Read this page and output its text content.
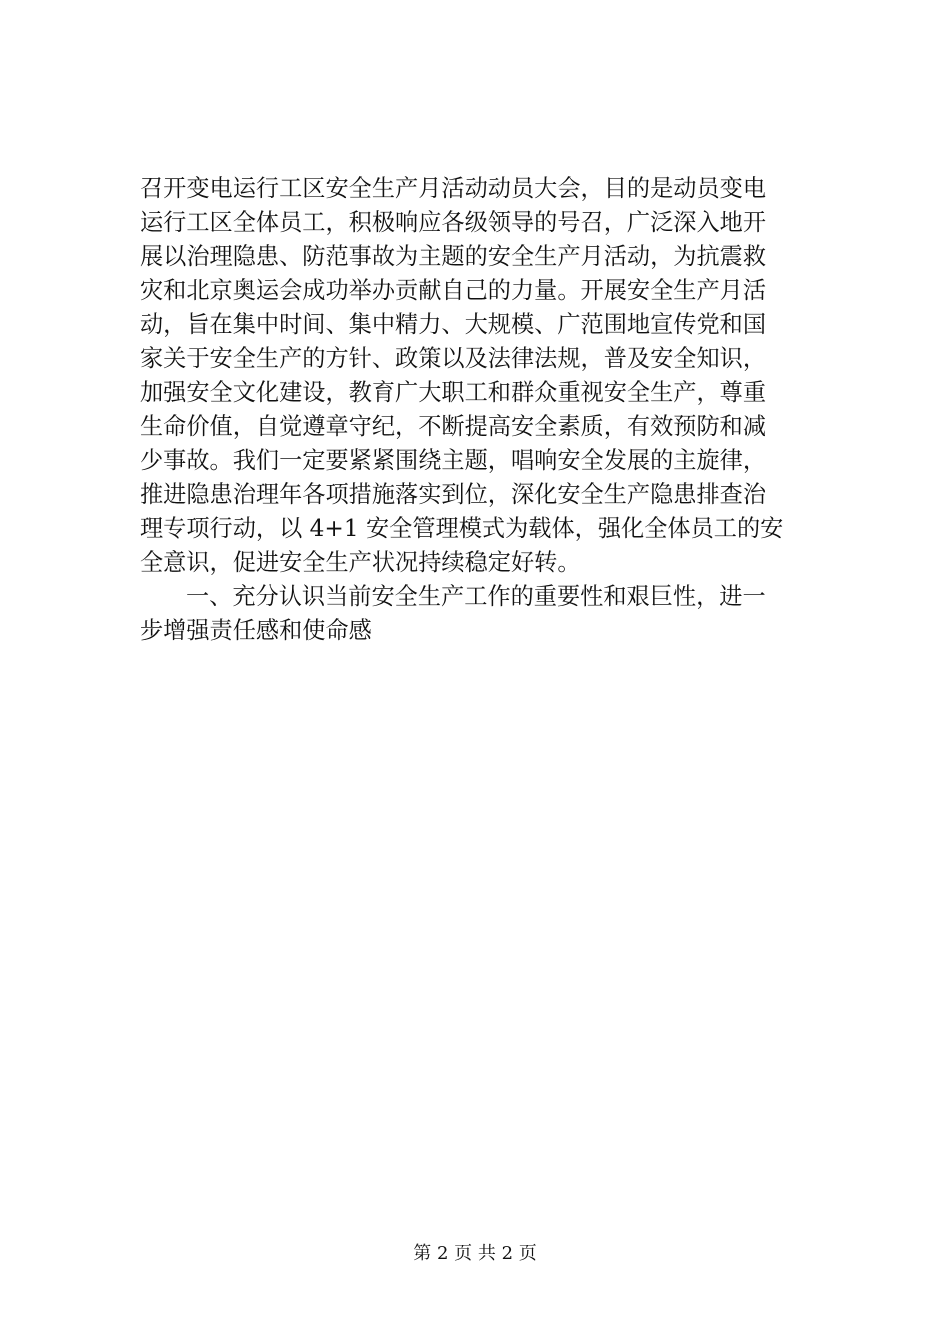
召开变电运行工区安全生产月活动动员大会，目的是动员变电
运行工区全体员工，积极响应各级领导的号召，广泛深入地开
展以治理隐患、防范事故为主题的安全生产月活动，为抗震救
灾和北京奥运会成功举办贡献自己的力量。开展安全生产月活
动，旨在集中时间、集中精力、大规模、广范围地宣传党和国
家关于安全生产的方针、政策以及法律法规，普及安全知识，
加强安全文化建设，教育广大职工和群众重视安全生产，尊重
生命价值，自觉遵章守纪，不断提高安全素质，有效预防和减
少事故。我们一定要紧紧围绕主题，唱响安全发展的主旋律，
推进隐患治理年各项措施落实到位，深化安全生产隐患排查治
理专项行动，以 4+1 安全管理模式为载体，强化全体员工的安
全意识，促进安全生产状况持续稳定好转。
一、充分认识当前安全生产工作的重要性和艰巨性，进一
步增强责任感和使命感
第 2 页 共 2 页
